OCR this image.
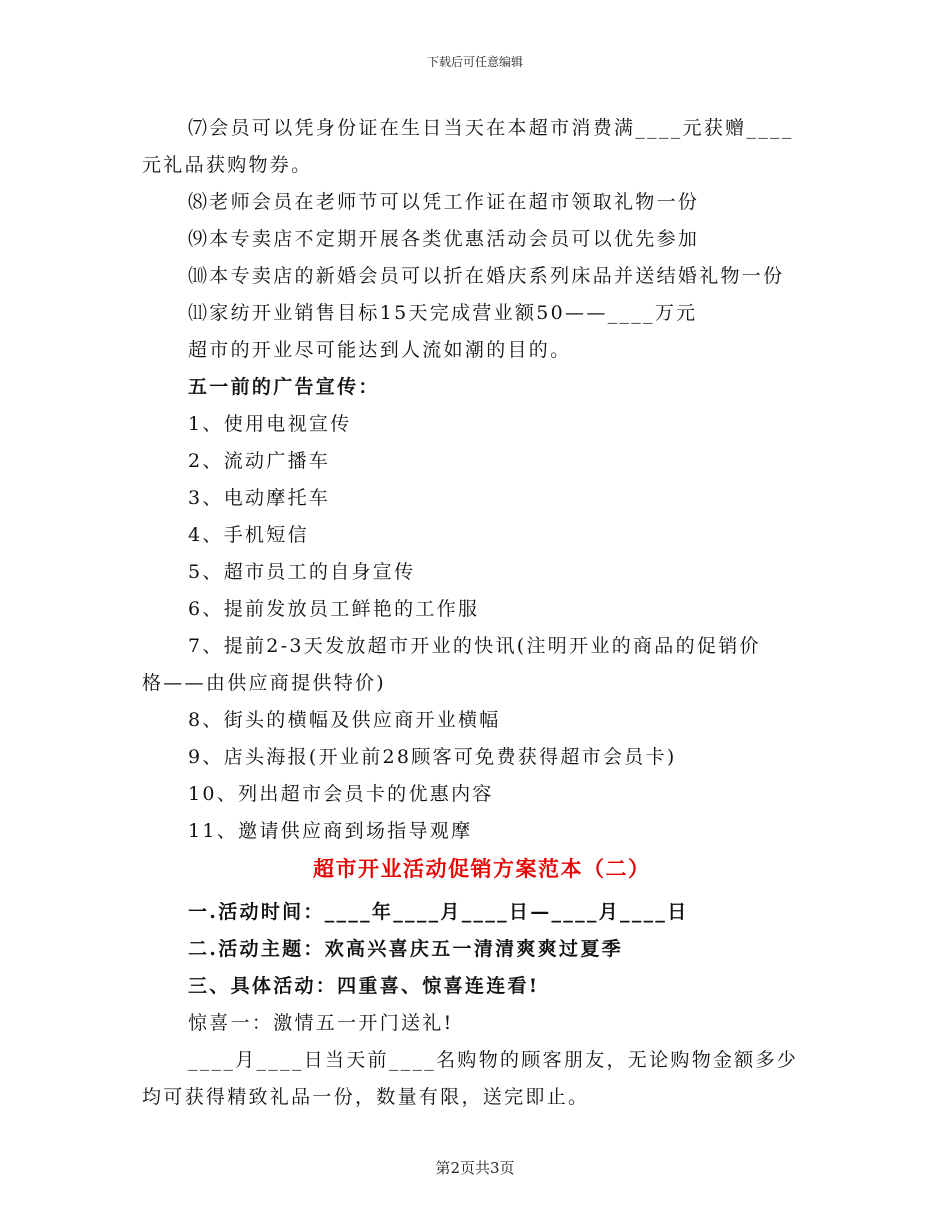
下载后可任意编辑
⑺会员可以凭身份证在生日当天在本超市消费满____元获赠____
元礼品获购物券。
⑻老师会员在老师节可以凭工作证在超市领取礼物一份
⑼本专卖店不定期开展各类优惠活动会员可以优先参加
⑽本专卖店的新婚会员可以折在婚庆系列床品并送结婚礼物一份
⑾家纺开业销售目标15天完成营业额50——____万元
超市的开业尽可能达到人流如潮的目的。
五一前的广告宣传：
1、使用电视宣传
2、流动广播车
3、电动摩托车
4、手机短信
5、超市员工的自身宣传
6、提前发放员工鲜艳的工作服
7、提前2-3天发放超市开业的快讯(注明开业的商品的促销价
格——由供应商提供特价)
8、街头的横幅及供应商开业横幅
9、店头海报(开业前28顾客可免费获得超市会员卡)
10、列出超市会员卡的优惠内容
11、邀请供应商到场指导观摩
超市开业活动促销方案范本（二）
一.活动时间：____年____月____日—____月____日
二.活动主题：欢高兴喜庆五一清清爽爽过夏季
三、具体活动：四重喜、惊喜连连看!
惊喜一：激情五一开门送礼!
____月____日当天前____名购物的顾客朋友，无论购物金额多少
均可获得精致礼品一份，数量有限，送完即止。
第2页共3页
